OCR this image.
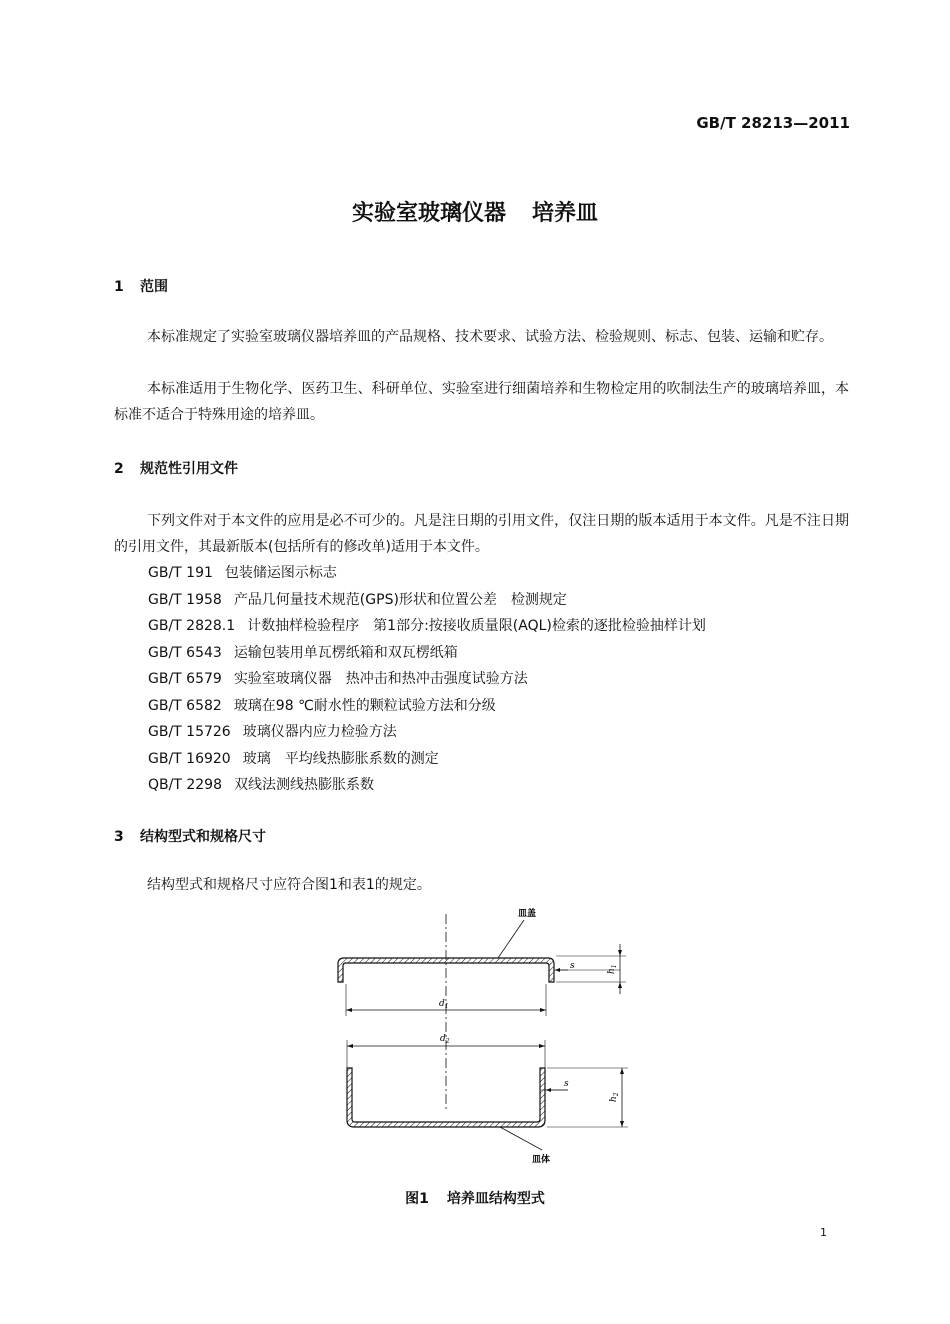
GB/T 28213—2011
实验室玻璃仪器 培养皿
1 范围
本标准规定了实验室玻璃仪器培养皿的产品规格、技术要求、试验方法、检验规则、标志、包装、运输和贮存。
本标准适用于生物化学、医药卫生、科研单位、实验室进行细菌培养和生物检定用的吹制法生产的玻璃培养皿，本标准不适合于特殊用途的培养皿。
2 规范性引用文件
下列文件对于本文件的应用是必不可少的。凡是注日期的引用文件，仅注日期的版本适用于本文件。凡是不注日期的引用文件，其最新版本(包括所有的修改单)适用于本文件。
GB/T 191 包装储运图示标志
GB/T 1958 产品几何量技术规范(GPS)形状和位置公差　检测规定
GB/T 2828.1 计数抽样检验程序　第1部分:按接收质量限(AQL)检索的逐批检验抽样计划
GB/T 6543 运输包装用单瓦楞纸箱和双瓦楞纸箱
GB/T 6579 实验室玻璃仪器　热冲击和热冲击强度试验方法
GB/T 6582 玻璃在98 ℃耐水性的颗粒试验方法和分级
GB/T 15726 玻璃仪器内应力检验方法
GB/T 16920 玻璃　平均线热膨胀系数的测定
QB/T 2298 双线法测线热膨胀系数
3 结构型式和规格尺寸
结构型式和规格尺寸应符合图1和表1的规定。
皿盖
s
$h_1$
$d_1$
$d_2$
s
$h_2$
皿体
图1 培养皿结构型式
1
